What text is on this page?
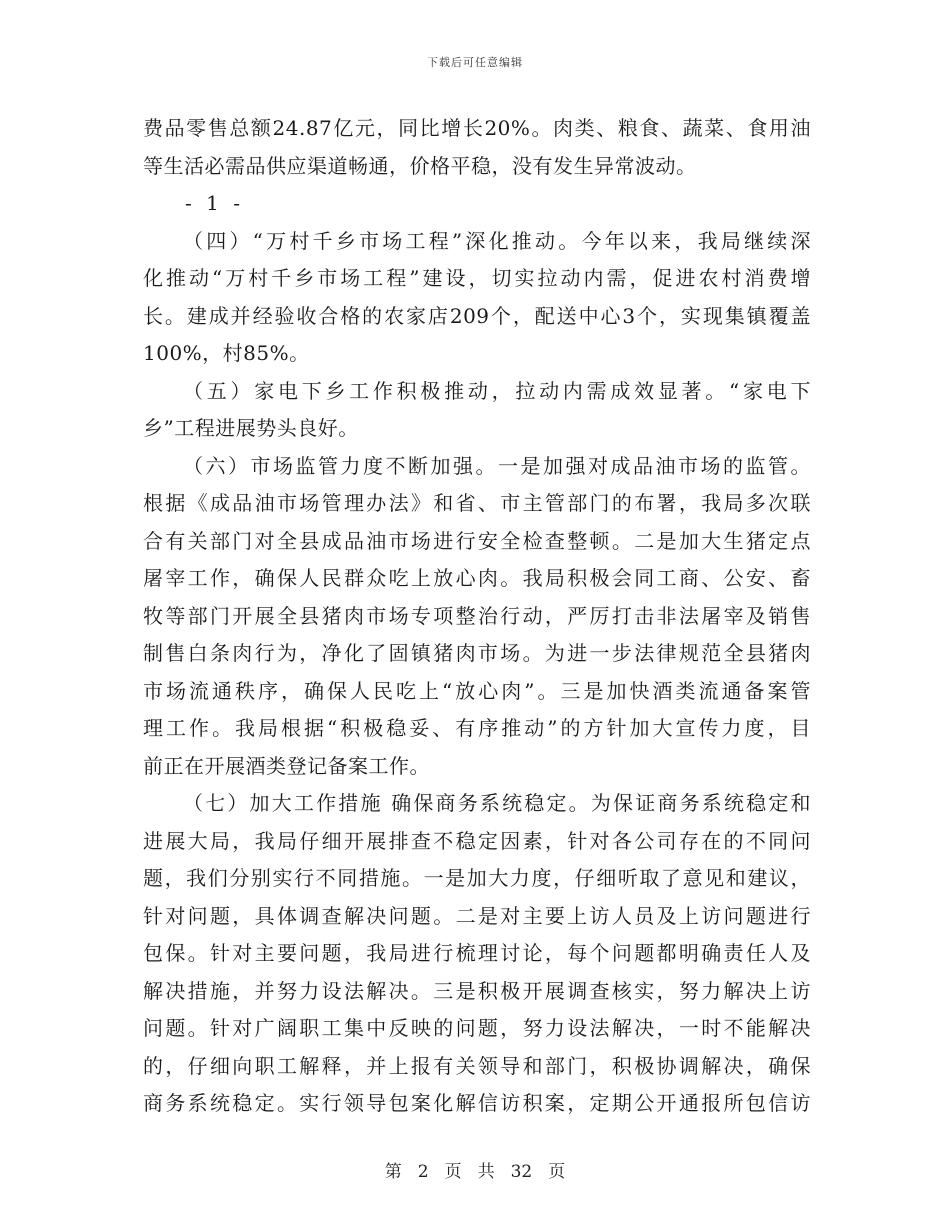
下载后可任意编辑
费品零售总额24.87亿元，同比增长20%。肉类、粮食、蔬菜、食用油
等生活必需品供应渠道畅通，价格平稳，没有发生异常波动。
- 1 -
（四）“万村千乡市场工程”深化推动。今年以来，我局继续深
化推动“万村千乡市场工程”建设，切实拉动内需，促进农村消费增
长。建成并经验收合格的农家店209个，配送中心3个，实现集镇覆盖
100%，村85%。
（五）家电下乡工作积极推动，拉动内需成效显著。“家电下
乡”工程进展势头良好。
（六）市场监管力度不断加强。一是加强对成品油市场的监管。
根据《成品油市场管理办法》和省、市主管部门的布署，我局多次联
合有关部门对全县成品油市场进行安全检查整顿。二是加大生猪定点
屠宰工作，确保人民群众吃上放心肉。我局积极会同工商、公安、畜
牧等部门开展全县猪肉市场专项整治行动，严厉打击非法屠宰及销售
制售白条肉行为，净化了固镇猪肉市场。为进一步法律规范全县猪肉
市场流通秩序，确保人民吃上“放心肉”。三是加快酒类流通备案管
理工作。我局根据“积极稳妥、有序推动”的方针加大宣传力度，目
前正在开展酒类登记备案工作。
（七）加大工作措施 确保商务系统稳定。为保证商务系统稳定和
进展大局，我局仔细开展排查不稳定因素，针对各公司存在的不同问
题，我们分别实行不同措施。一是加大力度，仔细听取了意见和建议，
针对问题，具体调查解决问题。二是对主要上访人员及上访问题进行
包保。针对主要问题，我局进行梳理讨论，每个问题都明确责任人及
解决措施，并努力设法解决。三是积极开展调查核实，努力解决上访
问题。针对广阔职工集中反映的问题，努力设法解决，一时不能解决
的，仔细向职工解释，并上报有关领导和部门，积极协调解决，确保
商务系统稳定。实行领导包案化解信访积案，定期公开通报所包信访
第 2 页 共 32 页
